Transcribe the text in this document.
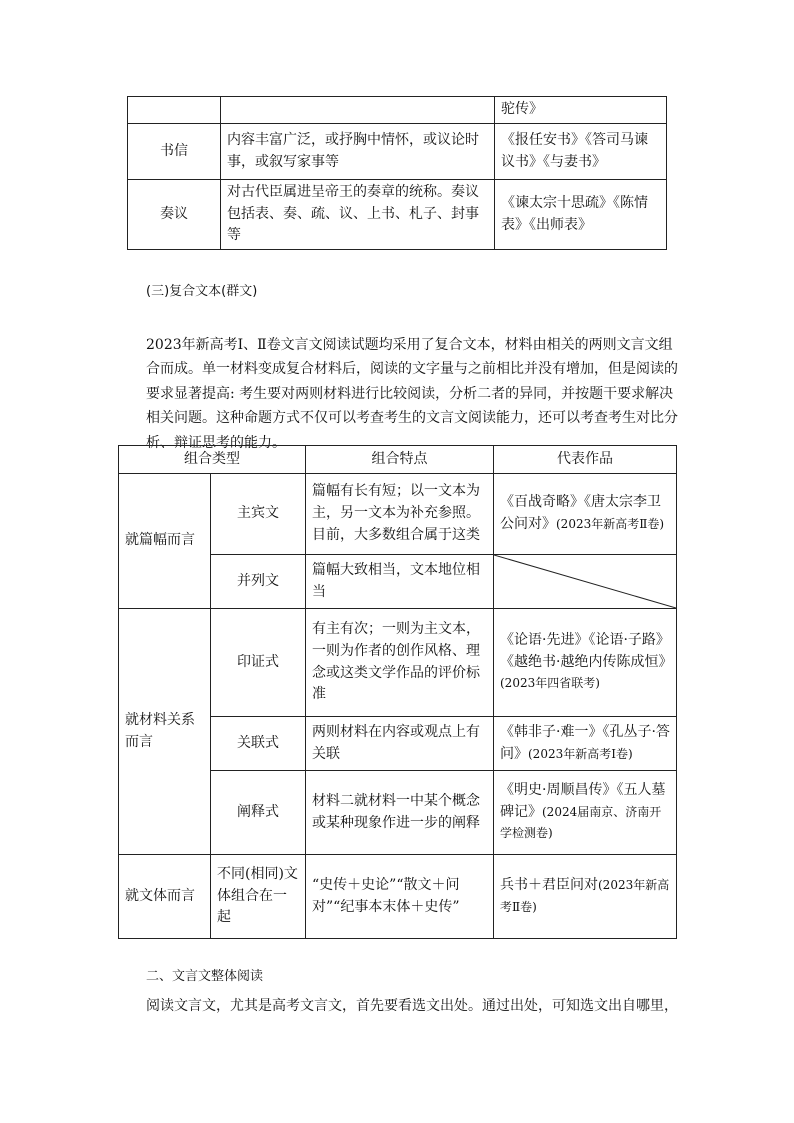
		驼传》
书信	内容丰富广泛，或抒胸中情怀，或议论时事，或叙写家事等	《报任安书》《答司马谏议书》《与妻书》
奏议	对古代臣属进呈帝王的奏章的统称。奏议包括表、奏、疏、议、上书、札子、封事等	《谏太宗十思疏》《陈情表》《出师表》
(三)复合文本(群文)
2023年新高考Ⅰ、Ⅱ卷文言文阅读试题均采用了复合文本，材料由相关的两则文言文组合而成。单一材料变成复合材料后，阅读的文字量与之前相比并没有增加，但是阅读的要求显著提高: 考生要对两则材料进行比较阅读，分析二者的异同，并按题干要求解决相关问题。这种命题方式不仅可以考查考生的文言文阅读能力，还可以考查考生对比分析、辩证思考的能力。
组合类型		组合特点	代表作品
就篇幅而言	主宾文	篇幅有长有短；以一文本为主，另一文本为补充参照。目前，大多数组合属于这类	《百战奇略》《唐太宗李卫公问对》(2023年新高考Ⅱ卷)
	并列文	篇幅大致相当，文本地位相当	

就材料关系而言	印证式	有主有次；一则为主文本，一则为作者的创作风格、理念或这类文学作品的评价标准	《论语·先进》《论语·子路》《越绝书·越绝内传陈成恒》(2023年四省联考)
	关联式	两则材料在内容或观点上有关联	《韩非子·难一》《孔丛子·答问》(2023年新高考Ⅰ卷)
	阐释式	材料二就材料一中某个概念或某种现象作进一步的阐释	《明史·周顺昌传》《五人墓碑记》(2024届南京、济南开学检测卷)
就文体而言	不同(相同)文体组合在一起	“史传＋史论”“散文＋问对”“纪事本末体＋史传”	兵书＋君臣问对(2023年新高考Ⅱ卷)
二、文言文整体阅读
阅读文言文，尤其是高考文言文，首先要看选文出处。通过出处，可知选文出自哪里，
